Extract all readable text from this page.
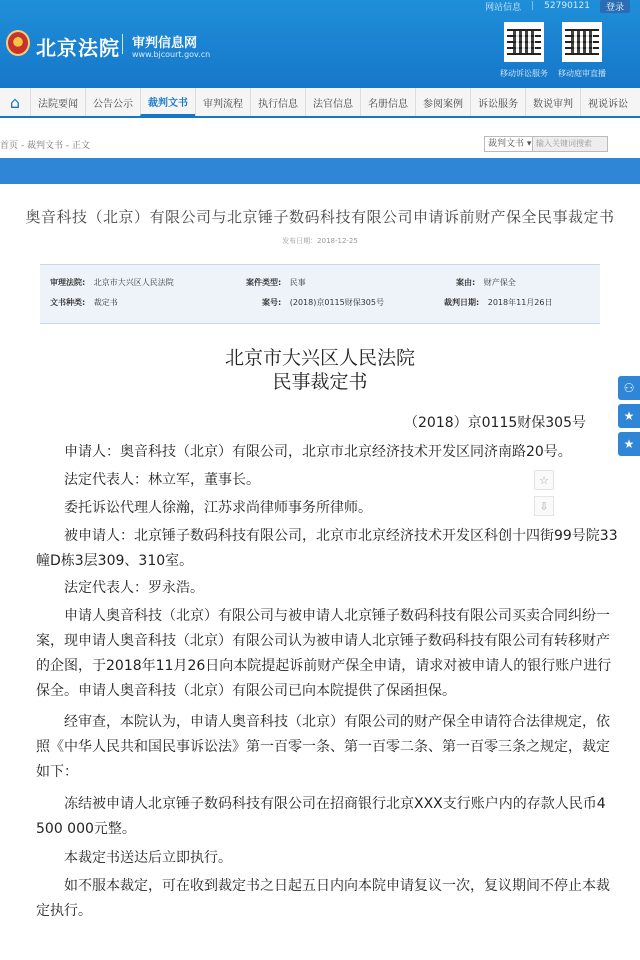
网站信息 | 52790121	登录
北京法院 审判信息网
www.bjcourt.gov.cn
移动诉讼服务 移动庭审直播
⌂	法院要闻	公告公示	裁判文书	审判流程	执行信息	法官信息	名册信息	参阅案例	诉讼服务	数说审判	视说诉讼
首页 - 裁判文书 - 正文	裁判文书 ▾ 输入关键词搜索
奥音科技（北京）有限公司与北京锤子数码科技有限公司申请诉前财产保全民事裁定书
发布日期：2018-12-25
审理法院: 北京市大兴区人民法院	案件类型: 民事	案由: 财产保全
文书种类: 裁定书	案号: (2018)京0115财保305号	裁判日期: 2018年11月26日
北京市大兴区人民法院
民事裁定书
（2018）京0115财保305号
申请人：奥音科技（北京）有限公司，北京市北京经济技术开发区同济南路20号。
法定代表人：林立军，董事长。
委托诉讼代理人徐瀚，江苏求尚律师事务所律师。
被申请人：北京锤子数码科技有限公司，北京市北京经济技术开发区科创十四街99号院33幢D栋3层309、310室。
法定代表人：罗永浩。
申请人奥音科技（北京）有限公司与被申请人北京锤子数码科技有限公司买卖合同纠纷一案，现申请人奥音科技（北京）有限公司认为被申请人北京锤子数码科技有限公司有转移财产的企图，于2018年11月26日向本院提起诉前财产保全申请，请求对被申请人的银行账户进行保全。申请人奥音科技（北京）有限公司已向本院提供了保函担保。
经审查，本院认为，申请人奥音科技（北京）有限公司的财产保全申请符合法律规定，依照《中华人民共和国民事诉讼法》第一百零一条、第一百零二条、第一百零三条之规定，裁定如下：
冻结被申请人北京锤子数码科技有限公司在招商银行北京XXX支行账户内的存款人民币4 500 000元整。
本裁定书送达后立即执行。
如不服本裁定，可在收到裁定书之日起五日内向本院申请复议一次，复议期间不停止本裁定执行。
☆
⇩
⚇
★
★
